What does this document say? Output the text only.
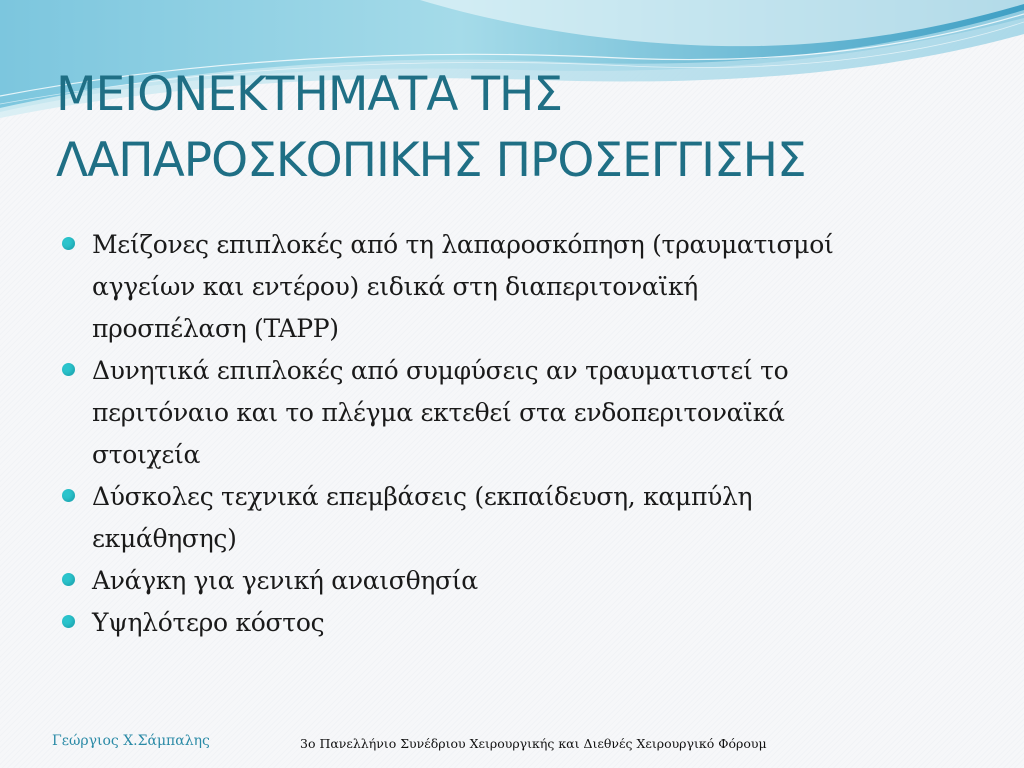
ΜΕΙΟΝΕΚΤΗΜΑΤΑ ΤΗΣ
ΛΑΠΑΡΟΣΚΟΠΙΚΗΣ ΠΡΟΣΕΓΓΙΣΗΣ
Μείζονες επιπλοκές από τη λαπαροσκόπηση (τραυματισμοί
αγγείων και εντέρου) ειδικά στη διαπεριτοναϊκή
προσπέλαση (TAPP)
Δυνητικά επιπλοκές από συμφύσεις αν τραυματιστεί το
περιτόναιο και το πλέγμα εκτεθεί στα ενδοπεριτοναϊκά
στοιχεία
Δύσκολες τεχνικά επεμβάσεις (εκπαίδευση, καμπύλη
εκμάθησης)
Ανάγκη για γενική αναισθησία
Υψηλότερο κόστος
Γεώργιος Χ.Σάμπαλης	3ο Πανελλήνιο Συνέδριου Χειρουργικής και Διεθνές Χειρουργικό Φόρουμ
